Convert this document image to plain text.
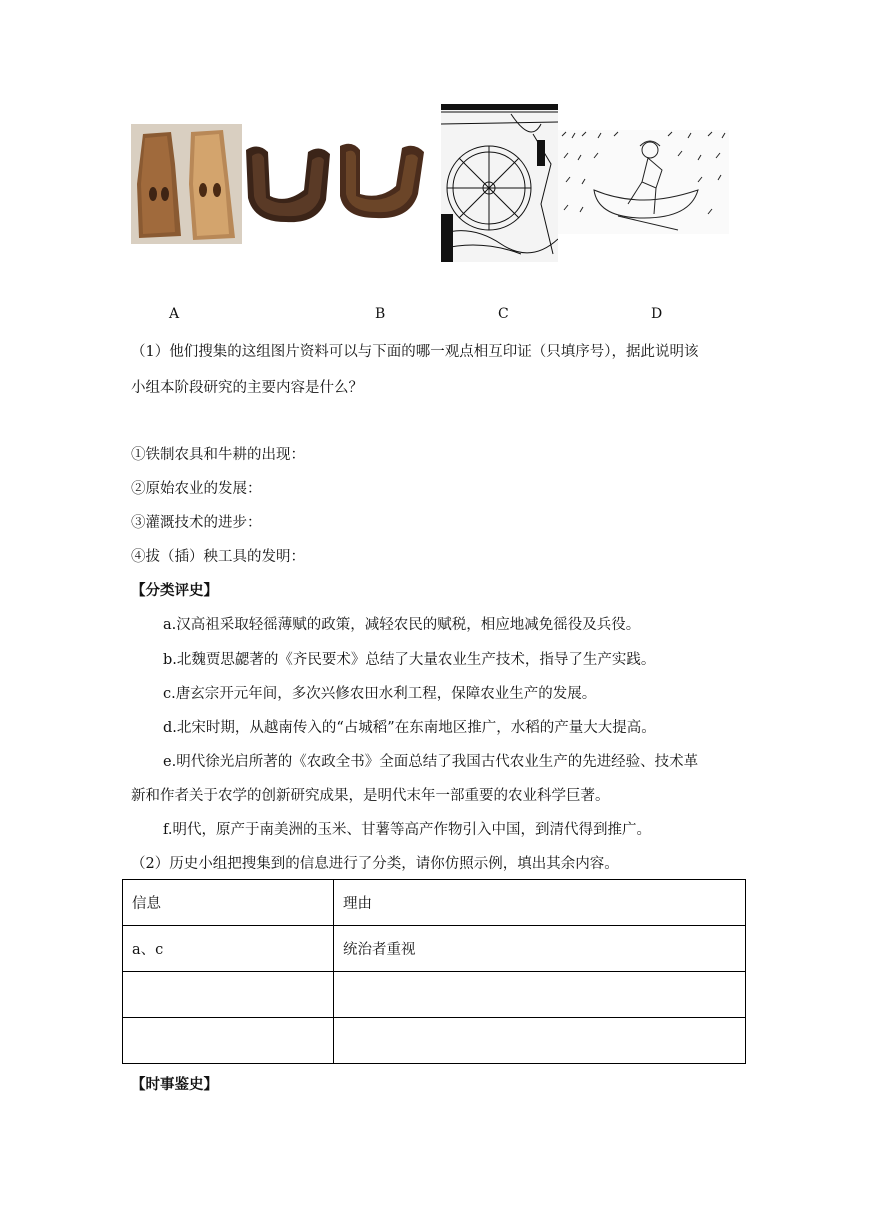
A	B	C	D
（1）他们搜集的这组图片资料可以与下面的哪一观点相互印证（只填序号），据此说明该
小组本阶段研究的主要内容是什么？
①铁制农具和牛耕的出现：
②原始农业的发展：
③灌溉技术的进步：
④拔（插）秧工具的发明：
【分类评史】
a.汉高祖采取轻徭薄赋的政策，减轻农民的赋税，相应地减免徭役及兵役。
b.北魏贾思勰著的《齐民要术》总结了大量农业生产技术，指导了生产实践。
c.唐玄宗开元年间，多次兴修农田水利工程，保障农业生产的发展。
d.北宋时期，从越南传入的“占城稻”在东南地区推广，水稻的产量大大提高。
e.明代徐光启所著的《农政全书》全面总结了我国古代农业生产的先进经验、技术革
新和作者关于农学的创新研究成果，是明代末年一部重要的农业科学巨著。
f.明代，原产于南美洲的玉米、甘薯等高产作物引入中国，到清代得到推广。
（2）历史小组把搜集到的信息进行了分类，请你仿照示例，填出其余内容。
信息	理由
a、c	统治者重视

【时事鉴史】
